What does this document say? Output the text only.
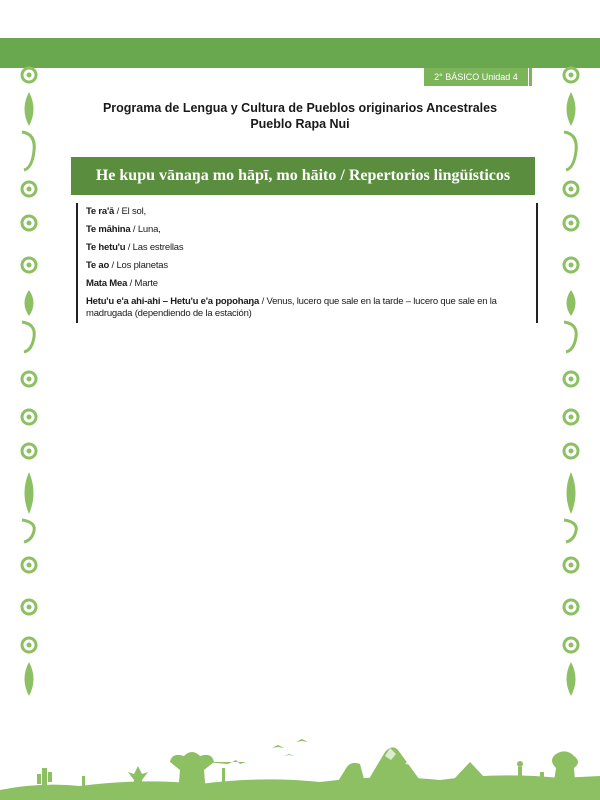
2° BÁSICO Unidad 4
Programa de Lengua y Cultura de Pueblos originarios Ancestrales
Pueblo Rapa Nui
He kupu vānaŋa mo hāpī, mo hāito / Repertorios lingüísticos
Te ra'ā / El sol,
Te māhina / Luna,
Te hetu'u / Las estrellas
Te ao / Los planetas
Mata Mea / Marte
Hetu'u e'a ahi-ahi – Hetu'u e'a popohaŋa / Venus, lucero que sale en la tarde – lucero que sale en la madrugada (dependiendo de la estación)
